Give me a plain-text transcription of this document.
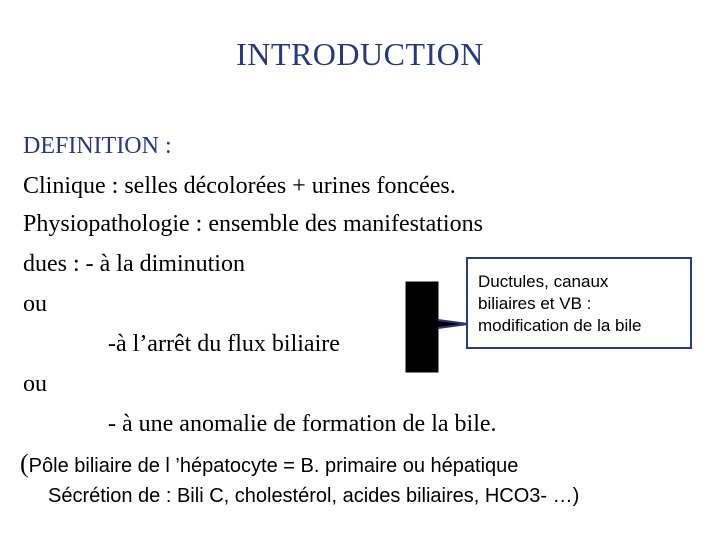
INTRODUCTION
DEFINITION :
Clinique : selles décolorées + urines foncées.
Physiopathologie : ensemble des manifestations
dues : - à la diminution
ou
-à l’arrêt du flux biliaire
ou
- à une anomalie de formation de la bile.
(Pôle biliaire de l ’hépatocyte = B. primaire ou hépatique
Sécrétion de : Bili C, cholestérol, acides biliaires, HCO3- …)
Ductules, canaux
biliaires et VB :
modification de la bile
